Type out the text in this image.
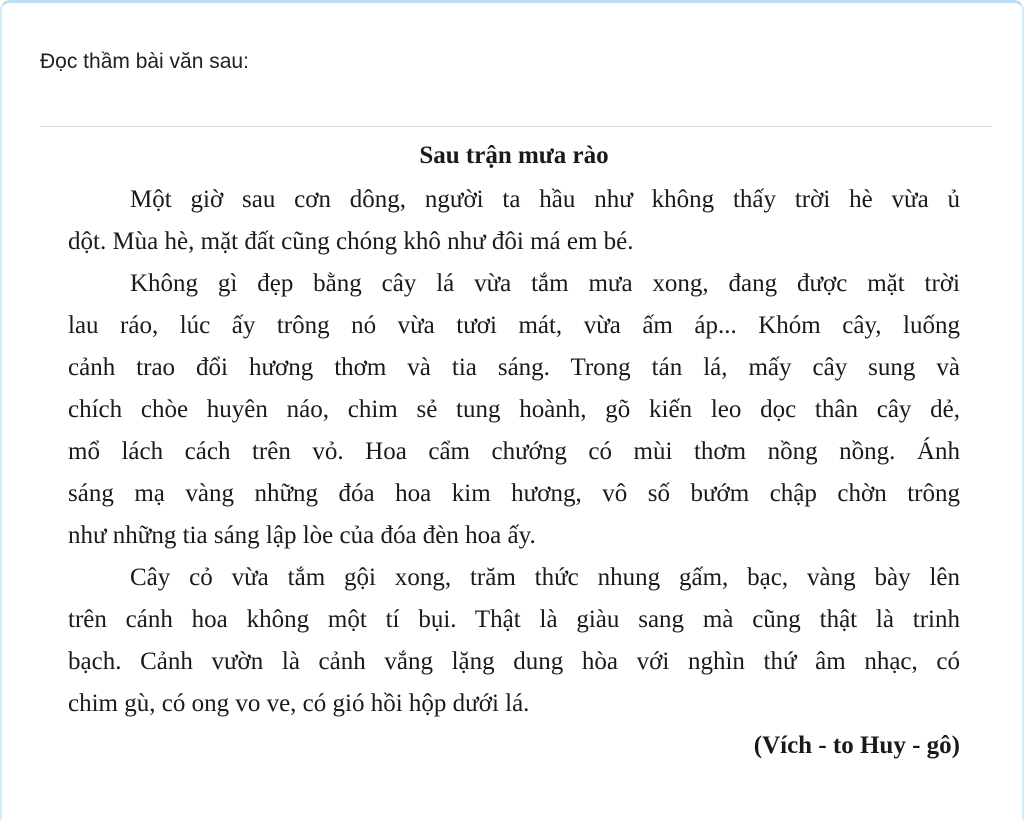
Đọc thầm bài văn sau:
Sau trận mưa rào
Một giờ sau cơn dông, người ta hầu như không thấy trời hè vừa ủ
dột. Mùa hè, mặt đất cũng chóng khô như đôi má em bé.
Không gì đẹp bằng cây lá vừa tắm mưa xong, đang được mặt trời
lau ráo, lúc ấy trông nó vừa tươi mát, vừa ấm áp... Khóm cây, luống
cảnh trao đổi hương thơm và tia sáng. Trong tán lá, mấy cây sung và
chích chòe huyên náo, chim sẻ tung hoành, gõ kiến leo dọc thân cây dẻ,
mổ lách cách trên vỏ. Hoa cẩm chướng có mùi thơm nồng nồng. Ánh
sáng mạ vàng những đóa hoa kim hương, vô số bướm chập chờn trông
như những tia sáng lập lòe của đóa đèn hoa ấy.
Cây cỏ vừa tắm gội xong, trăm thức nhung gấm, bạc, vàng bày lên
trên cánh hoa không một tí bụi. Thật là giàu sang mà cũng thật là trinh
bạch. Cảnh vườn là cảnh vắng lặng dung hòa với nghìn thứ âm nhạc, có
chim gù, có ong vo ve, có gió hồi hộp dưới lá.
(Vích - to Huy - gô)
